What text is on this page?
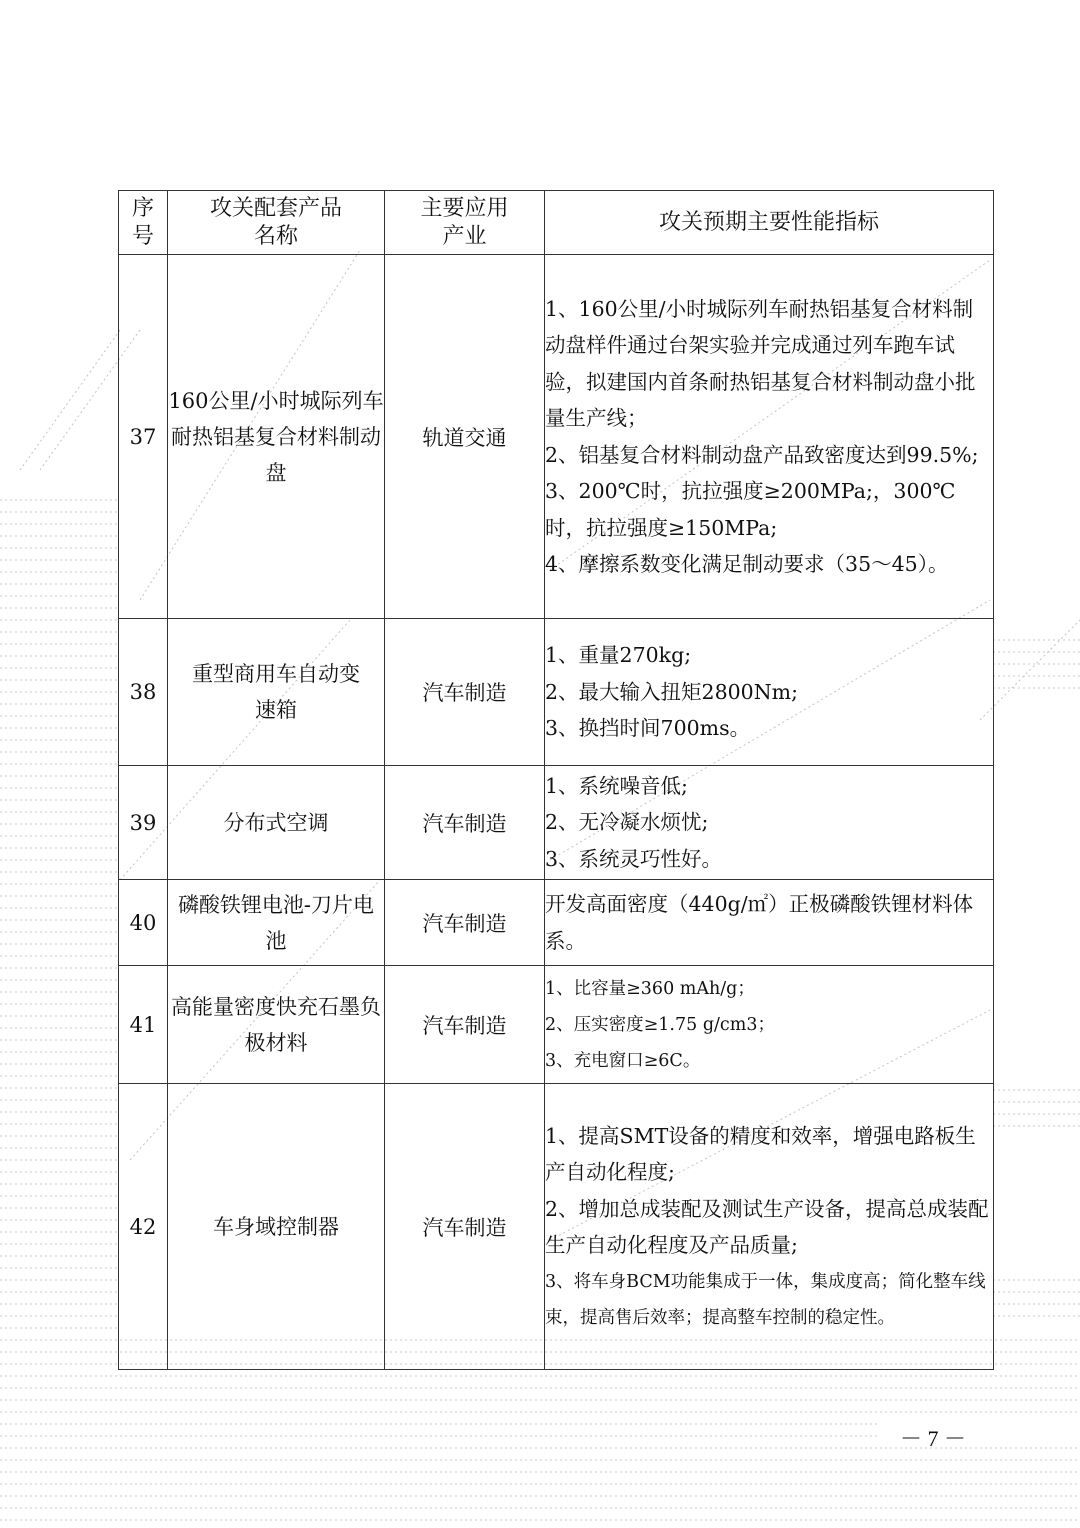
序号	攻关配套产品名称	主要应用产业	攻关预期主要性能指标
37	160公里/小时城际列车耐热铝基复合材料制动盘	轨道交通	1、160公里/小时城际列车耐热铝基复合材料制动盘样件通过台架实验并完成通过列车跑车试验，拟建国内首条耐热铝基复合材料制动盘小批量生产线；
2、铝基复合材料制动盘产品致密度达到99.5%;
3、200℃时，抗拉强度≥200MPa;，300℃时，抗拉强度≥150MPa;
4、摩擦系数变化满足制动要求（35～45）。

38	重型商用车自动变速箱	汽车制造	1、重量270kg;
2、最大输入扭矩2800Nm;
3、换挡时间700ms。

39	分布式空调	汽车制造	1、系统噪音低;
2、无冷凝水烦忧;
3、系统灵巧性好。

40	磷酸铁锂电池-刀片电池	汽车制造	开发高面密度（440g/㎡）正极磷酸铁锂材料体系。

41	高能量密度快充石墨负极材料	汽车制造	1、比容量≥360 mAh/g；
2、压实密度≥1.75 g/cm3；
3、充电窗口≥6C。

42	车身域控制器	汽车制造	1、提高SMT设备的精度和效率，增强电路板生产自动化程度;
2、增加总成装配及测试生产设备，提高总成装配生产自动化程度及产品质量;
3、将车身BCM功能集成于一体，集成度高；简化整车线束，提高售后效率；提高整车控制的稳定性。
－ 7 －
